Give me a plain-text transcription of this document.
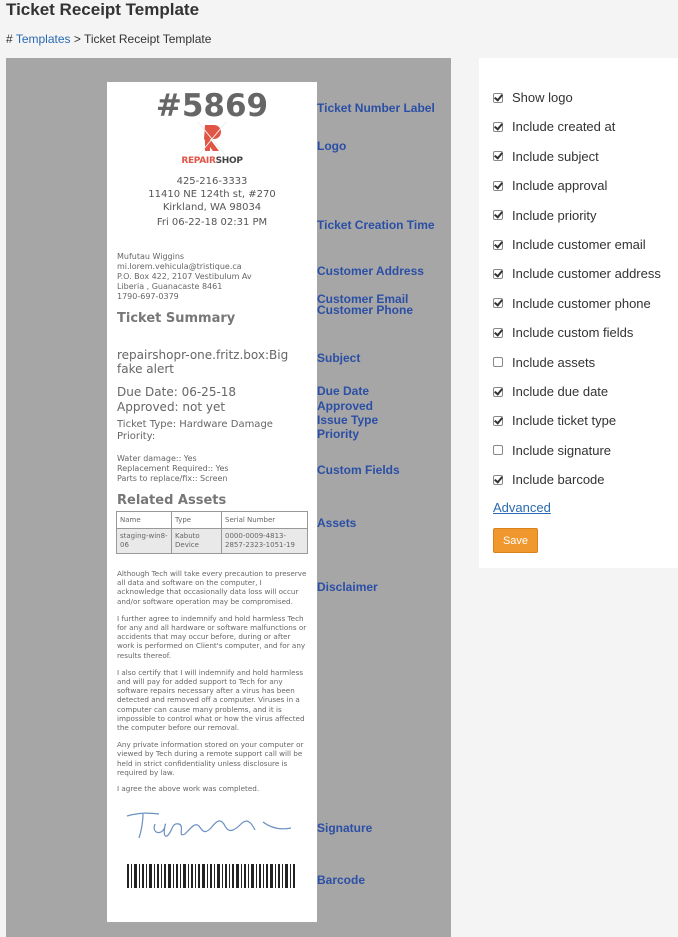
Ticket Receipt Template
# Templates > Ticket Receipt Template
#5869
REPAIRSHOP
425-216-3333
11410 NE 124th st, #270
Kirkland, WA 98034
Fri 06-22-18 02:31 PM
Mufutau Wiggins
mi.lorem.vehicula@tristique.ca
P.O. Box 422, 2107 Vestibulum Av
Liberia , Guanacaste 8461
1790-697-0379
Ticket Summary
repairshopr-one.fritz.box:Big fake alert
Due Date: 06-25-18
Approved: not yet
Ticket Type: Hardware Damage
Priority:
Water damage:: Yes
Replacement Required:: Yes
Parts to replace/fix:: Screen
Related Assets
Name	Type	Serial Number
staging-win8-06	Kabuto Device	0000-0009-4813-2857-2323-1051-19

Although Tech will take every precaution to preserve all data and software on the computer, I acknowledge that occasionally data loss will occur and/or software operation may be compromised.

I further agree to indemnify and hold harmless Tech for any and all hardware or software malfunctions or accidents that may occur before, during or after work is performed on Client's computer, and for any results thereof.

I also certify that I will indemnify and hold harmless and will pay for added support to Tech for any software repairs necessary after a virus has been detected and removed off a computer. Viruses in a computer can cause many problems, and it is impossible to control what or how the virus affected the computer before our removal.

Any private information stored on your computer or viewed by Tech during a remote support call will be held in strict confidentiality unless disclosure is required by law.

I agree the above work was completed.
Ticket Number Label
Logo
Ticket Creation Time
Customer Address
Customer Email
Customer Phone
Subject
Due Date
Approved
Issue Type
Priority
Custom Fields
Assets
Disclaimer
Signature
Barcode
Show logo
Include created at
Include subject
Include approval
Include priority
Include customer email
Include customer address
Include customer phone
Include custom fields
Include assets
Include due date
Include ticket type
Include signature
Include barcode
Advanced
Save
